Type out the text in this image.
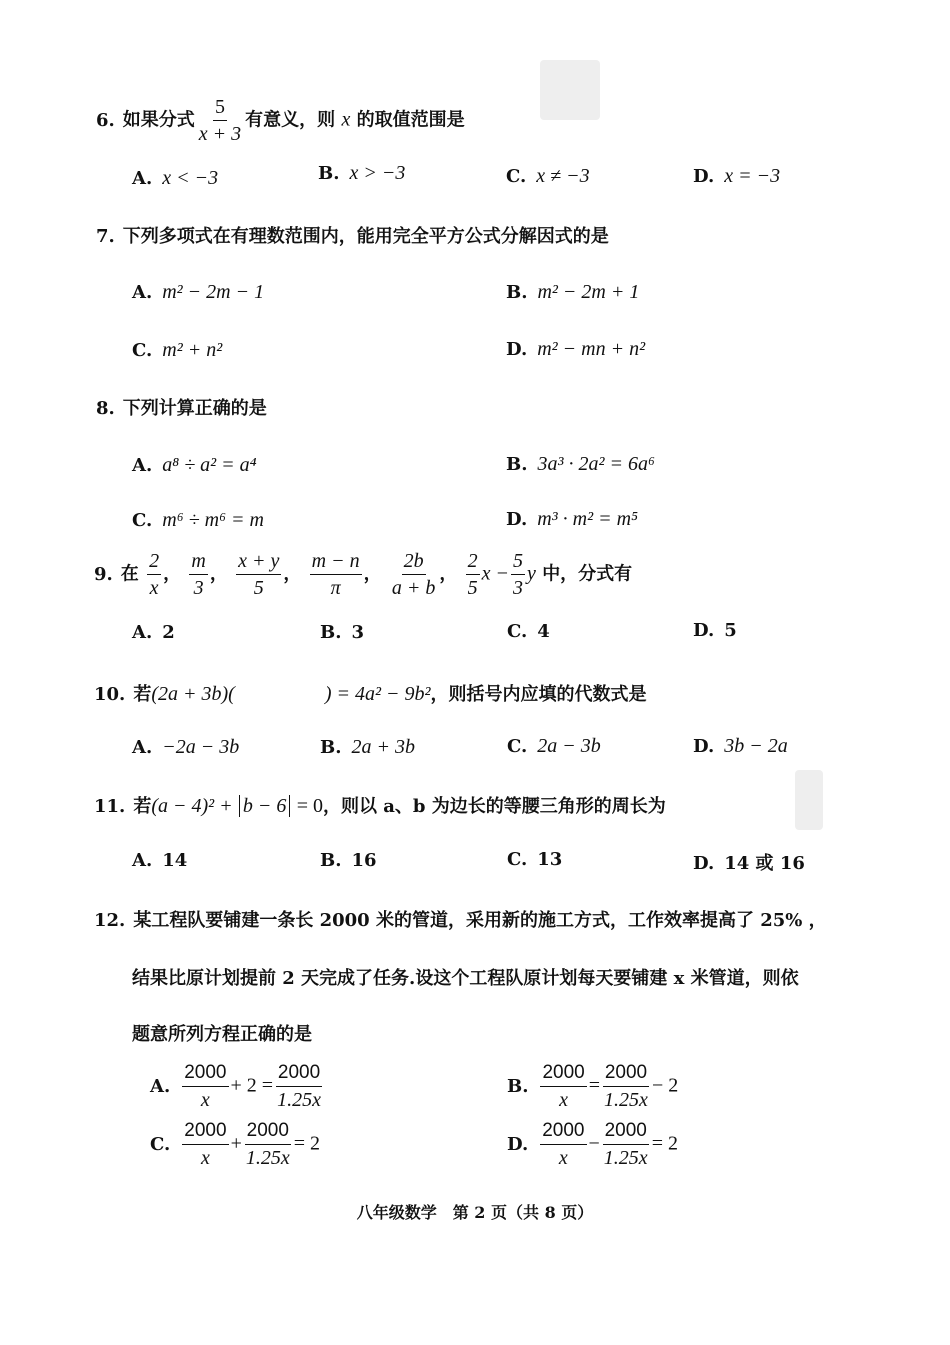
6. 如果分式 $\frac{5}{x + 3}$ 有意义，则 x 的取值范围是
A. x < −3	B. x > −3	C. x ≠ −3	D. x = −3
7. 下列多项式在有理数范围内，能用完全平方公式分解因式的是
A. m² − 2m − 1	B. m² − 2m + 1
C. m² + n²	D. m² − mn + n²
8. 下列计算正确的是
A. a⁸ ÷ a² = a⁴	B. 3a³ · 2a² = 6a⁶
C. m⁶ ÷ m⁶ = m	D. m³ · m² = m⁵
9. 在 $\frac{2}{x}$ ， $\frac{m}{3}$ ， $\frac{x + y}{5}$ ， $\frac{m - n}{\pi}$ ， $\frac{2b}{a + b}$ ， $\frac{2}{5}$ $x - \frac{5}{3}$ y 中，分式有
A. 2	B. 3	C. 4	D. 5
10. 若(2a + 3b)(	) = 4a² − 9b²，则括号内应填的代数式是
A. −2a − 3b	B. 2a + 3b	C. 2a − 3b	D. 3b − 2a
11. 若(a − 4)² + b − 6 = 0，则以 a、b 为边长的等腰三角形的周长为
A. 14	B. 16	C. 13	D. 14 或 16
12. 某工程队要铺建一条长 2000 米的管道，采用新的施工方式，工作效率提高了 25% ，
结果比原计划提前 2 天完成了任务.设这个工程队原计划每天要铺建 x 米管道，则依
题意所列方程正确的是
A. $\frac{2000}{x} + 2 = \frac{2000}{1.25x}$	B. $\frac{2000}{x} = \frac{2000}{1.25x} - 2$
C. $\frac{2000}{x} + \frac{2000}{1.25x} = 2$	D. $\frac{2000}{x} - \frac{2000}{1.25x} = 2$
八年级数学　第 2 页（共 8 页）
